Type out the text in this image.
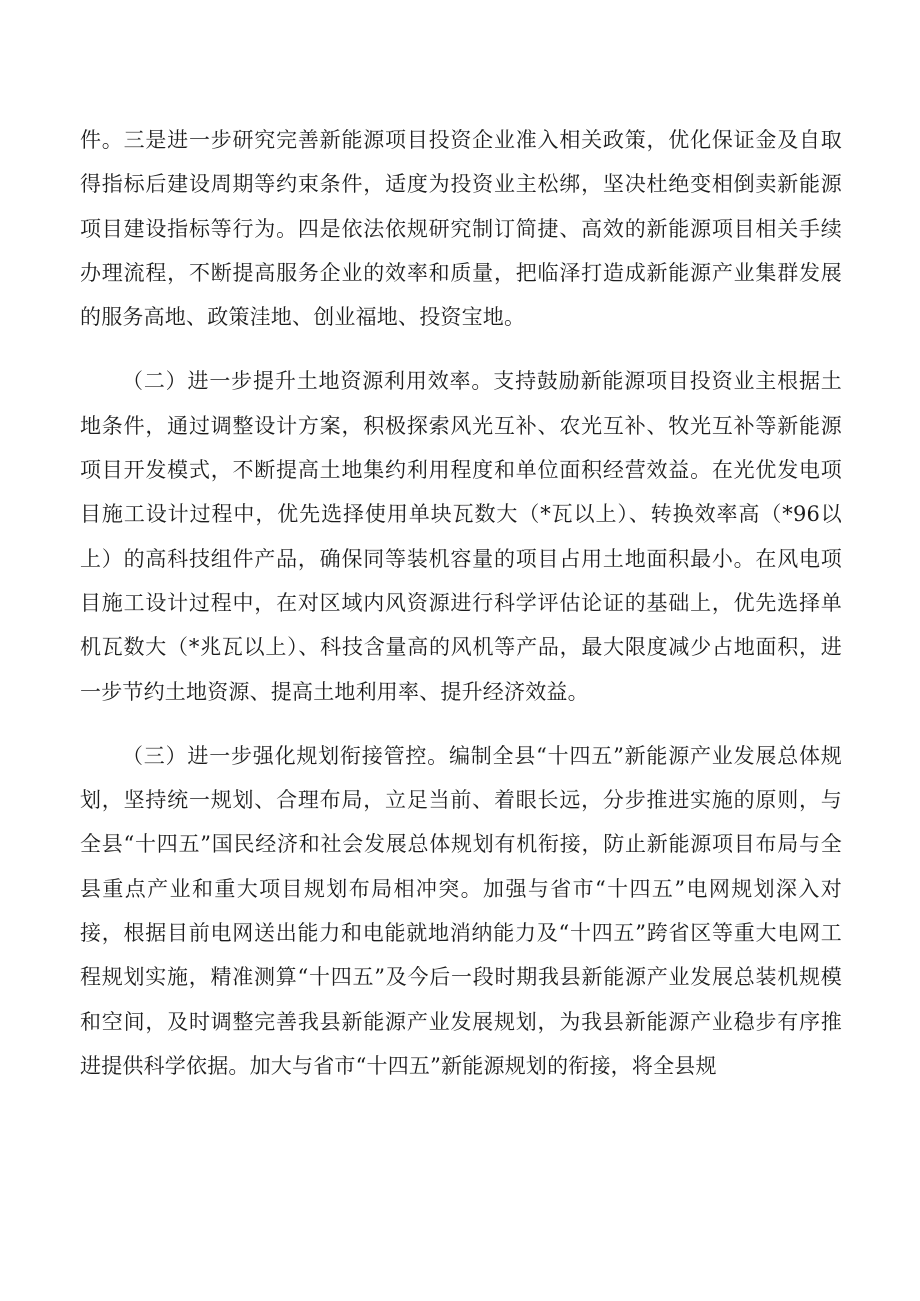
件。三是进一步研究完善新能源项目投资企业准入相关政策，优化保证金及自取得指标后建设周期等约束条件，适度为投资业主松绑，坚决杜绝变相倒卖新能源项目建设指标等行为。四是依法依规研究制订简捷、高效的新能源项目相关手续办理流程，不断提高服务企业的效率和质量，把临泽打造成新能源产业集群发展的服务高地、政策洼地、创业福地、投资宝地。

（二）进一步提升土地资源利用效率。支持鼓励新能源项目投资业主根据土地条件，通过调整设计方案，积极探索风光互补、农光互补、牧光互补等新能源项目开发模式，不断提高土地集约利用程度和单位面积经营效益。在光优发电项目施工设计过程中，优先选择使用单块瓦数大（*瓦以上）、转换效率高（*96以上）的高科技组件产品，确保同等装机容量的项目占用土地面积最小。在风电项目施工设计过程中，在对区域内风资源进行科学评估论证的基础上，优先选择单机瓦数大（*兆瓦以上）、科技含量高的风机等产品，最大限度减少占地面积，进一步节约土地资源、提高土地利用率、提升经济效益。

（三）进一步强化规划衔接管控。编制全县“十四五”新能源产业发展总体规划，坚持统一规划、合理布局，立足当前、着眼长远，分步推进实施的原则，与全县“十四五”国民经济和社会发展总体规划有机衔接，防止新能源项目布局与全县重点产业和重大项目规划布局相冲突。加强与省市“十四五”电网规划深入对接，根据目前电网送出能力和电能就地消纳能力及“十四五”跨省区等重大电网工程规划实施，精准测算“十四五”及今后一段时期我县新能源产业发展总装机规模和空间，及时调整完善我县新能源产业发展规划，为我县新能源产业稳步有序推进提供科学依据。加大与省市“十四五”新能源规划的衔接，将全县规
